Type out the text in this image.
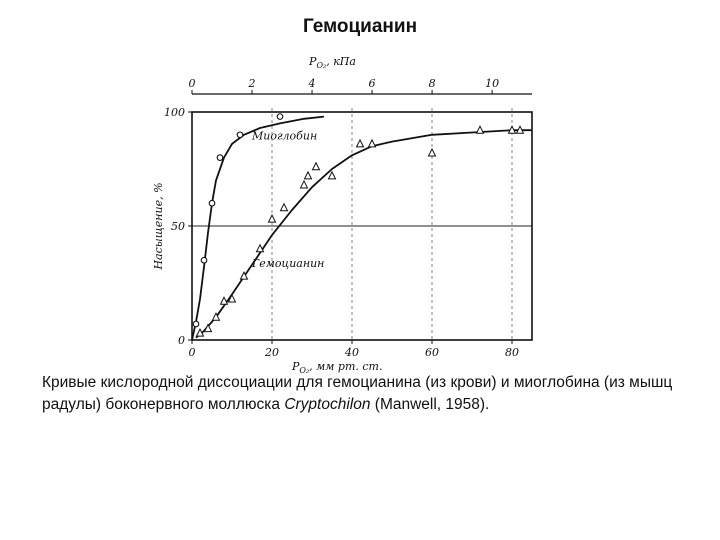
Гемоцианин
0	20	40	60	80
0	2	4	6	8	10
0
50
100
$P_{O_2}$, мм рт. ст.
$P_{O_2}$, кПа
Насыщение, %
Миоглобин
Гемоцианин
Кривые кислородной диссоциации для гемоцианина (из крови) и миоглобина (из мышц радулы) боконервного моллюска Cryptochilon (Manwell, 1958).
